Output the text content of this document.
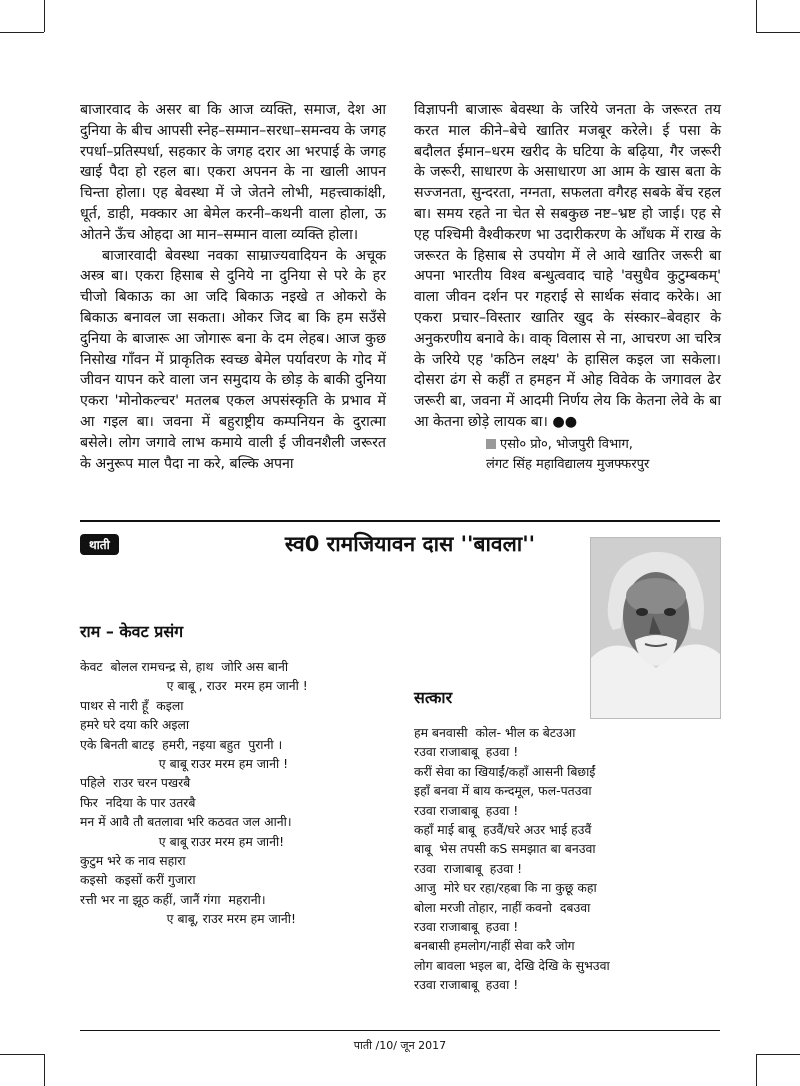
बाजारवाद के असर बा कि आज व्यक्ति, समाज, देश आ दुनिया के बीच आपसी स्नेह–सम्मान–सरधा–समन्वय के जगह रपर्धा–प्रतिस्पर्धा, सहकार के जगह दरार आ भरपाई के जगह खाई पैदा हो रहल बा। एकरा अपनन के ना खाली आपन चिन्ता होला। एह बेवस्था में जे जेतने लोभी, महत्त्वाकांक्षी, धूर्त, डाही, मक्कार आ बेमेल करनी–कथनी वाला होला, ऊ ओतने ऊँच ओहदा आ मान–सम्मान वाला व्यक्ति होला।

बाजारवादी बेवस्था नवका साम्राज्यवादियन के अचूक अस्त्र बा। एकरा हिसाब से दुनिये ना दुनिया से परे के हर चीजो बिकाऊ का आ जदि बिकाऊ नइखे त ओकरो के बिकाऊ बनावल जा सकता। ओकर जिद बा कि हम सउँसे दुनिया के बाजारू आ जोगारू बना के दम लेहब। आज कुछ निसोख गाँवन में प्राकृतिक स्वच्छ बेमेल पर्यावरण के गोद में जीवन यापन करे वाला जन समुदाय के छोड़ के बाकी दुनिया एकरा 'मोनोकल्चर' मतलब एकल अपसंस्कृति के प्रभाव में आ गइल बा। जवना में बहुराष्ट्रीय कम्पनियन के दुरात्मा बसेले। लोग जगावे लाभ कमाये वाली ई जीवनशैली जरूरत के अनुरूप माल पैदा ना करे, बल्कि अपना

विज्ञापनी बाजारू बेवस्था के जरिये जनता के जरूरत तय करत माल कीने–बेचे खातिर मजबूर करेले। ई पसा के बदौलत ईमान–धरम खरीद के घटिया के बढ़िया, गैर जरूरी के जरूरी, साधारण के असाधारण आ आम के खास बता के सज्जनता, सुन्दरता, नग्नता, सफलता वगैरह सबके बेंच रहल बा। समय रहते ना चेत से सबकुछ नष्ट–भ्रष्ट हो जाई। एह से एह पश्चिमी वैश्वीकरण भा उदारीकरण के आँधक में राख के जरूरत के हिसाब से उपयोग में ले आवे खातिर जरूरी बा अपना भारतीय विश्व बन्धुत्ववाद चाहे 'वसुधैव कुटुम्बकम्' वाला जीवन दर्शन पर गहराई से सार्थक संवाद करेके। आ एकरा प्रचार–विस्तार खातिर खुद के संस्कार–बेवहार के अनुकरणीय बनावे के। वाक् विलास से ना, आचरण आ चरित्र के जरिये एह 'कठिन लक्ष्य' के हासिल कइल जा सकेला। दोसरा ढंग से कहीं त हमहन में ओह विवेक के जगावल ढेर जरूरी बा, जवना में आदमी निर्णय लेय कि केतना लेवे के बा आ केतना छोड़े लायक बा। ●●

एसो० प्रो०, भोजपुरी विभाग,
लंगट सिंह महाविद्यालय मुजफ्फरपुर
थाती	स्व0 रामजियावन दास ''बावला''
राम – केवट प्रसंग
केवट  बोलल रामचन्द्र से, हाथ  जोरि अस बानी
ए बाबू , राउर  मरम हम जानी !
पाथर से नारी हूँ  कइला
हमरे घरे दया करि अइला
एके बिनती बाटइ  हमरी, नइया बहुत  पुरानी ।
ए बाबू राउर मरम हम जानी !
पहिले  राउर चरन पखरबै
फिर  नदिया के पार उतरबै
मन में आवै तौ बतलावा भरि कठवत जल आनी।
ए बाबू राउर मरम हम जानी!
कुटुम भरे क नाव सहारा
कइसो  कइसों करीं गुजारा
रत्ती भर ना झूठ कहीं, जानैं गंगा  महरानी।
ए बाबू, राउर मरम हम जानी!
सत्कार
हम बनवासी  कोल- भील क बेटउआ
रउवा राजाबाबू  हउवा !
करीं सेवा का खियाईं/कहाँ आसनी बिछाईं
इहाँ बनवा में बाय कन्दमूल, फल-पतउवा
रउवा राजाबाबू  हउवा !
कहाँ माई बाबू  हउवैं/घरे अउर भाई हउवैं
बाबू  भेस तपसी कS समझात बा बनउवा
रउवा  राजाबाबू  हउवा !
आजु  मोरे घर रहा/रहबा कि ना कुछू कहा
बोला मरजी तोहार, नाहीं कवनो  दबउवा
रउवा राजाबाबू  हउवा !
बनबासी हमलोग/नाहीं सेवा करै जोग
लोग बावला भइल बा, देखि देखि के सुभउवा
रउवा राजाबाबू  हउवा !
पाती /10/ जून 2017
